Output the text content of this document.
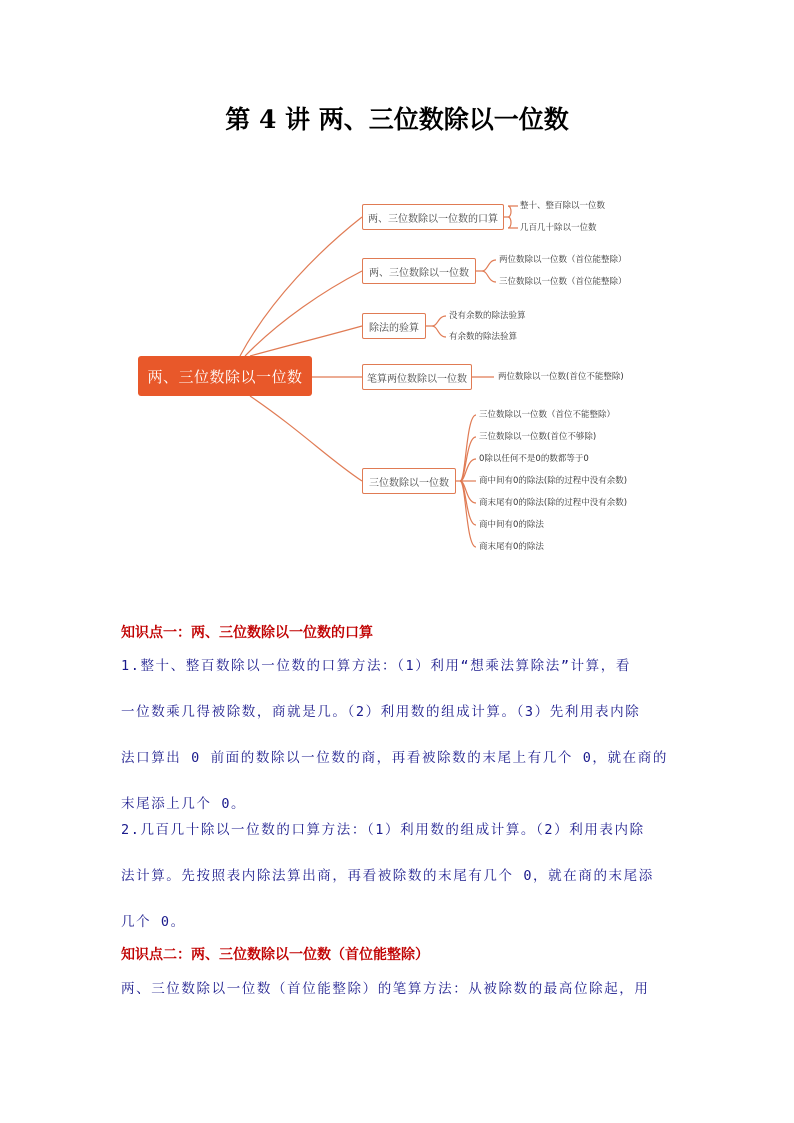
第 4 讲 两、三位数除以一位数
两、三位数除以一位数
两、三位数除以一位数的口算
两、三位数除以一位数
除法的验算
笔算两位数除以一位数
三位数除以一位数
整十、整百除以一位数
几百几十除以一位数
两位数除以一位数（首位能整除）
三位数除以一位数（首位能整除）
没有余数的除法验算
有余数的除法验算
两位数除以一位数(首位不能整除)
三位数除以一位数（首位不能整除）
三位数除以一位数(首位不够除)
0除以任何不是0的数都等于0
商中间有0的除法(除的过程中没有余数)
商末尾有0的除法(除的过程中没有余数)
商中间有0的除法
商末尾有0的除法
知识点一：两、三位数除以一位数的口算
1.整十、整百数除以一位数的口算方法：（1）利用“想乘法算除法”计算，看
一位数乘几得被除数，商就是几。（2）利用数的组成计算。（3）先利用表内除
法口算出 0 前面的数除以一位数的商，再看被除数的末尾上有几个 0，就在商的
末尾添上几个 0。
2.几百几十除以一位数的口算方法：（1）利用数的组成计算。（2）利用表内除
法计算。先按照表内除法算出商，再看被除数的末尾有几个 0，就在商的末尾添
几个 0。
知识点二：两、三位数除以一位数（首位能整除）
两、三位数除以一位数（首位能整除）的笔算方法：从被除数的最高位除起，用
